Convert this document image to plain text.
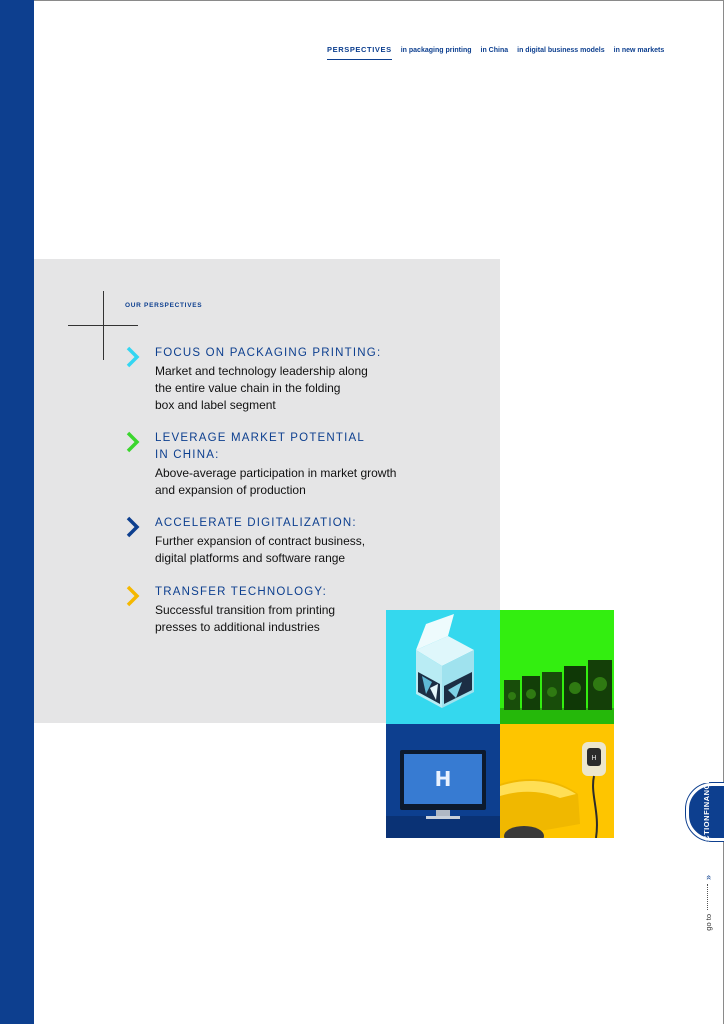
PERSPECTIVES in packaging printing in China in digital business models in new markets
OUR PERSPECTIVES
FOCUS ON PACKAGING PRINTING:
Market and technology leadership along
the entire value chain in the folding
box and label segment
LEVERAGE MARKET POTENTIAL
IN CHINA:
Above-average participation in market growth
and expansion of production
ACCELERATE DIGITALIZATION:
Further expansion of contract business,
digital platforms and software range
TRANSFER TECHNOLOGY:
Successful transition from printing
presses to additional industries
H
H
FINANCIAL
SECTION
»
go to
